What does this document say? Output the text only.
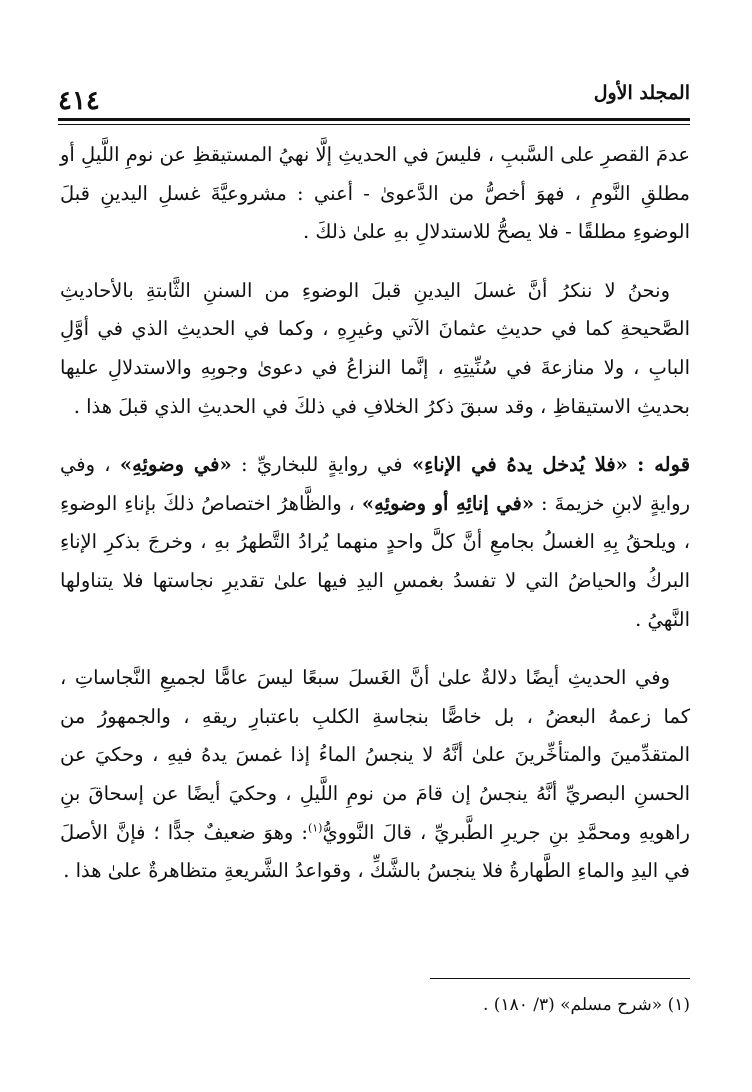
المجلد الأول
٤١٤

عدمَ القصرِ على السَّببِ ، فليسَ في الحديثِ إلَّا نهيُ المستيقظِ عن نومِ اللَّيلِ أو مطلقِ النَّومِ ، فهوَ أخصُّ من الدَّعوىٰ - أعني : مشروعيَّةَ غسلِ اليدينِ قبلَ الوضوءِ مطلقًا - فلا يصحُّ للاستدلالِ بهِ علىٰ ذلكَ .

ونحنُ لا ننكرُ أنَّ غسلَ اليدينِ قبلَ الوضوءِ من السننِ الثَّابتةِ بالأحاديثِ الصَّحيحةِ كما في حديثِ عثمانَ الآتي وغيرِهِ ، وكما في الحديثِ الذي في أوَّلِ البابِ ، ولا منازعةَ في سُنِّيتِهِ ، إنَّما النزاعُ في دعوىٰ وجوبِهِ والاستدلالِ عليها بحديثِ الاستيقاظِ ، وقد سبقَ ذكرُ الخلافِ في ذلكَ في الحديثِ الذي قبلَ هذا .

قوله : «فلا يُدخل يدهُ في الإناءِ» في روايةٍ للبخاريِّ : «في وضوئِهِ» ، وفي روايةٍ لابنِ خزيمةَ : «في إنائِهِ أو وضوئِهِ» ، والظَّاهرُ اختصاصُ ذلكَ بإناءِ الوضوءِ ، ويلحقُ بِهِ الغسلُ بجامعِ أنَّ كلَّ واحدٍ منهما يُرادُ التَّطهرُ بهِ ، وخرجَ بذكرِ الإناءِ البركُ والحياضُ التي لا تفسدُ بغمسِ اليدِ فيها علىٰ تقديرِ نجاستها فلا يتناولها النَّهيُ .

وفي الحديثِ أيضًا دلالةٌ علىٰ أنَّ الغَسلَ سبعًا ليسَ عامًّا لجميعِ النَّجاساتِ ، كما زعمهُ البعضُ ، بل خاصًّا بنجاسةِ الكلبِ باعتبارِ ريقهِ ، والجمهورُ من المتقدِّمينَ والمتأخِّرينَ علىٰ أنَّهُ لا ينجسُ الماءُ إذا غمسَ يدهُ فيهِ ، وحكيَ عن الحسنِ البصريِّ أنَّهُ ينجسُ إن قامَ من نومِ اللَّيلِ ، وحكيَ أيضًا عن إسحاقَ بنِ راهويهِ ومحمَّدِ بنِ جريرِ الطَّبريِّ ، قالَ النَّوويُّ$^{(١)}$: وهوَ ضعيفٌ جدًّا ؛ فإنَّ الأصلَ في اليدِ والماءِ الطَّهارةُ فلا ينجسُ بالشَّكِّ ، وقواعدُ الشَّريعةِ متظاهرةٌ علىٰ هذا .

(١) «شرح مسلم» (٣/ ١٨٠) .
